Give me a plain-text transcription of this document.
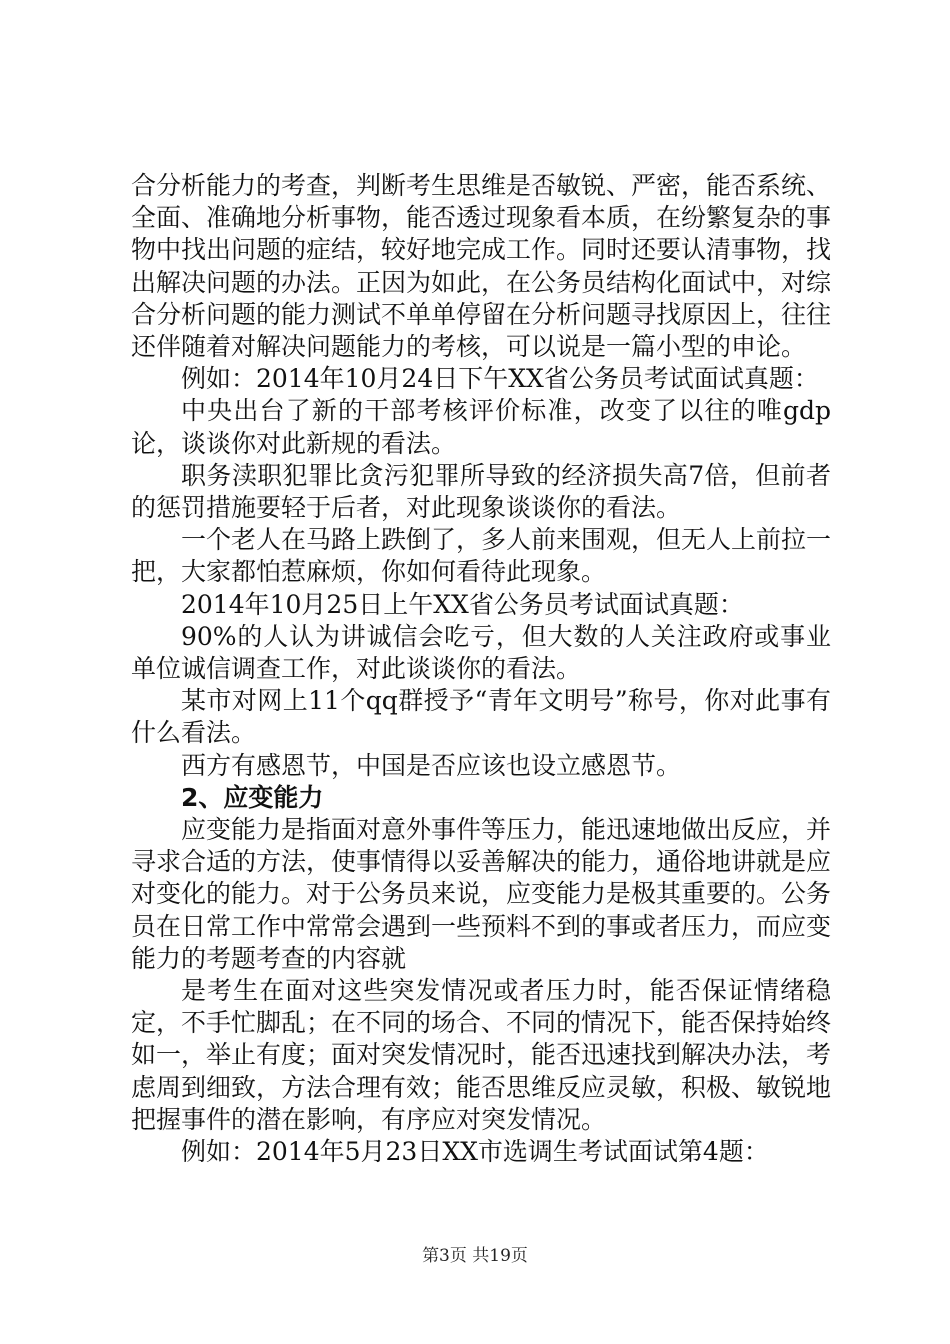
合分析能力的考查，判断考生思维是否敏锐、严密，能否系统、全面、准确地分析事物，能否透过现象看本质，在纷繁复杂的事物中找出问题的症结，较好地完成工作。同时还要认清事物，找出解决问题的办法。正因为如此，在公务员结构化面试中，对综合分析问题的能力测试不单单停留在分析问题寻找原因上，往往还伴随着对解决问题能力的考核，可以说是一篇小型的申论。

例如：2014年10月24日下午XX省公务员考试面试真题：

中央出台了新的干部考核评价标准，改变了以往的唯gdp论，谈谈你对此新规的看法。

职务渎职犯罪比贪污犯罪所导致的经济损失高7倍，但前者的惩罚措施要轻于后者，对此现象谈谈你的看法。

一个老人在马路上跌倒了，多人前来围观，但无人上前拉一把，大家都怕惹麻烦，你如何看待此现象。

2014年10月25日上午XX省公务员考试面试真题：

90%的人认为讲诚信会吃亏，但大数的人关注政府或事业单位诚信调查工作，对此谈谈你的看法。

某市对网上11个qq群授予“青年文明号”称号，你对此事有什么看法。

西方有感恩节，中国是否应该也设立感恩节。

2、应变能力

应变能力是指面对意外事件等压力，能迅速地做出反应，并寻求合适的方法，使事情得以妥善解决的能力，通俗地讲就是应对变化的能力。对于公务员来说，应变能力是极其重要的。公务员在日常工作中常常会遇到一些预料不到的事或者压力，而应变能力的考题考查的内容就

是考生在面对这些突发情况或者压力时，能否保证情绪稳定，不手忙脚乱；在不同的场合、不同的情况下，能否保持始终如一，举止有度；面对突发情况时，能否迅速找到解决办法，考虑周到细致，方法合理有效；能否思维反应灵敏，积极、敏锐地把握事件的潜在影响，有序应对突发情况。

例如：2014年5月23日XX市选调生考试面试第4题：

第3页 共19页
